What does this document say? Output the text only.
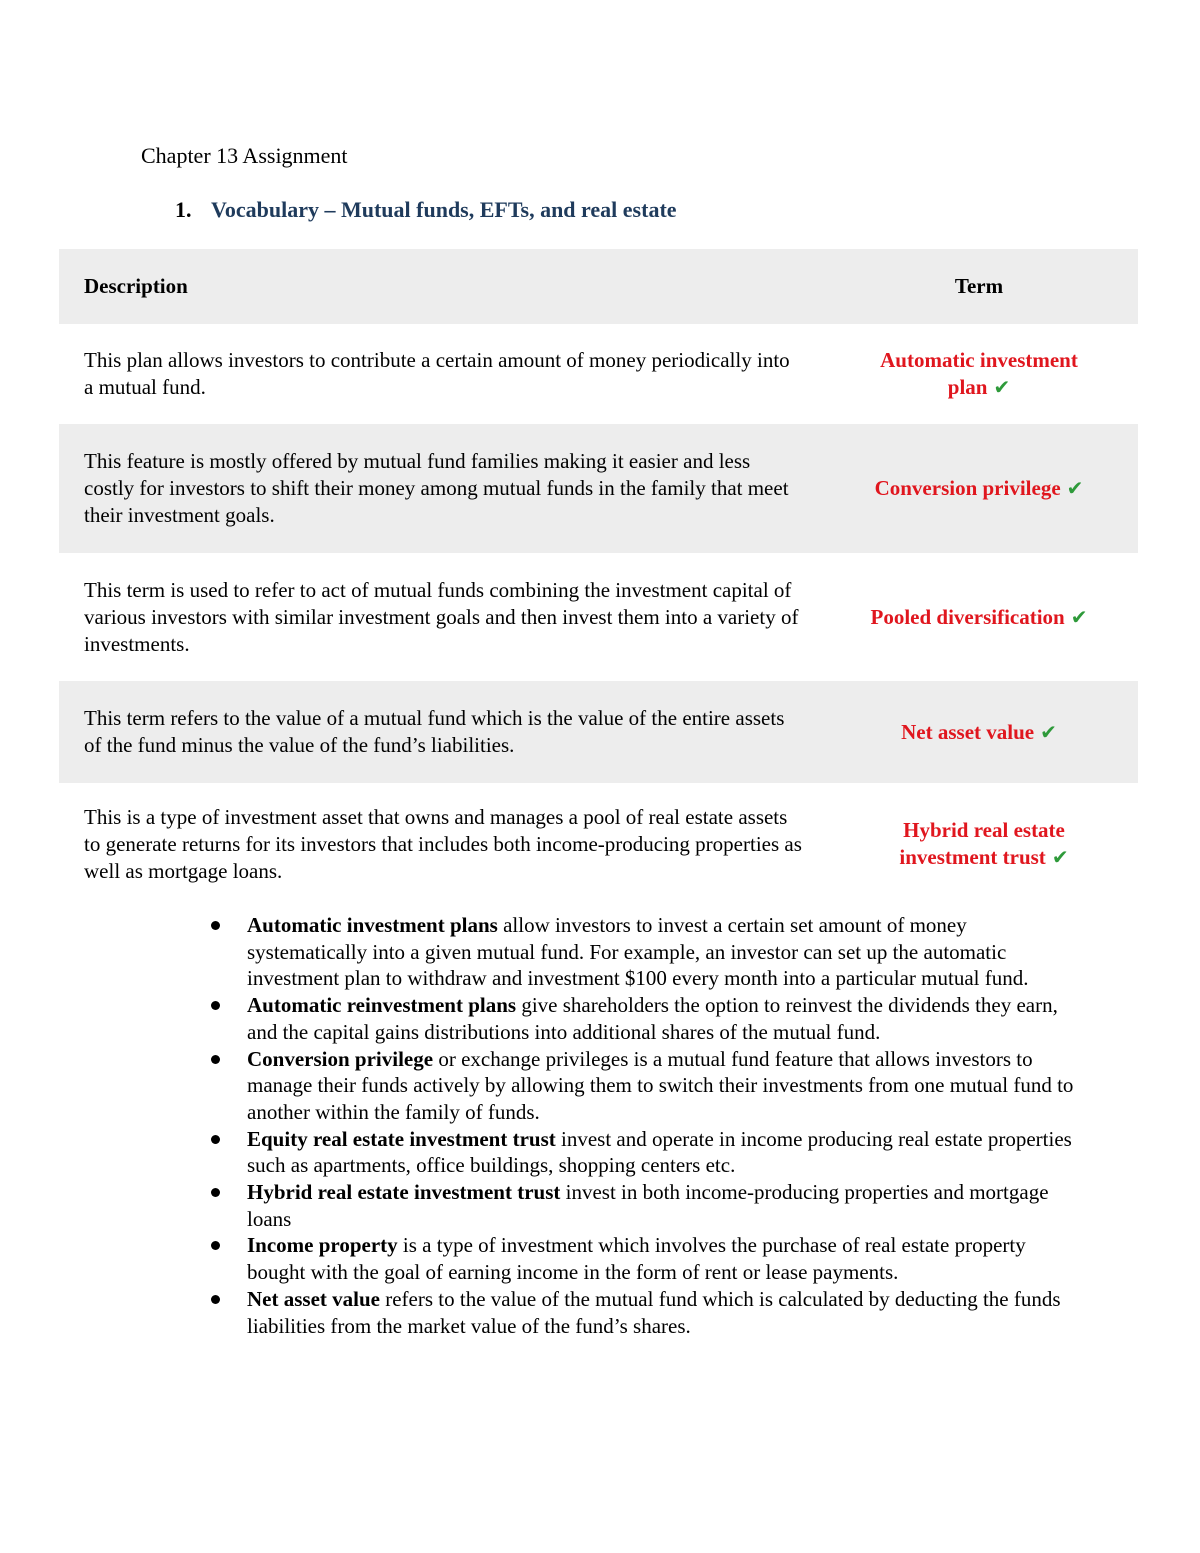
Chapter 13 Assignment
1. Vocabulary – Mutual funds, EFTs, and real estate
Description	Term
This plan allows investors to contribute a certain amount of money periodically into a mutual fund.
Automatic investment plan ✔
This feature is mostly offered by mutual fund families making it easier and less costly for investors to shift their money among mutual funds in the family that meet their investment goals.
Conversion privilege ✔
This term is used to refer to act of mutual funds combining the investment capital of various investors with similar investment goals and then invest them into a variety of investments.
Pooled diversification ✔
This term refers to the value of a mutual fund which is the value of the entire assets of the fund minus the value of the fund’s liabilities.
Net asset value ✔
This is a type of investment asset that owns and manages a pool of real estate assets to generate returns for its investors that includes both income-producing properties as well as mortgage loans.
Hybrid real estate investment trust ✔
Automatic investment plans allow investors to invest a certain set amount of money systematically into a given mutual fund. For example, an investor can set up the automatic investment plan to withdraw and investment $100 every month into a particular mutual fund.
Automatic reinvestment plans give shareholders the option to reinvest the dividends they earn, and the capital gains distributions into additional shares of the mutual fund.
Conversion privilege or exchange privileges is a mutual fund feature that allows investors to manage their funds actively by allowing them to switch their investments from one mutual fund to another within the family of funds.
Equity real estate investment trust invest and operate in income producing real estate properties such as apartments, office buildings, shopping centers etc.
Hybrid real estate investment trust invest in both income-producing properties and mortgage loans
Income property is a type of investment which involves the purchase of real estate property bought with the goal of earning income in the form of rent or lease payments.
Net asset value refers to the value of the mutual fund which is calculated by deducting the funds liabilities from the market value of the fund’s shares.
